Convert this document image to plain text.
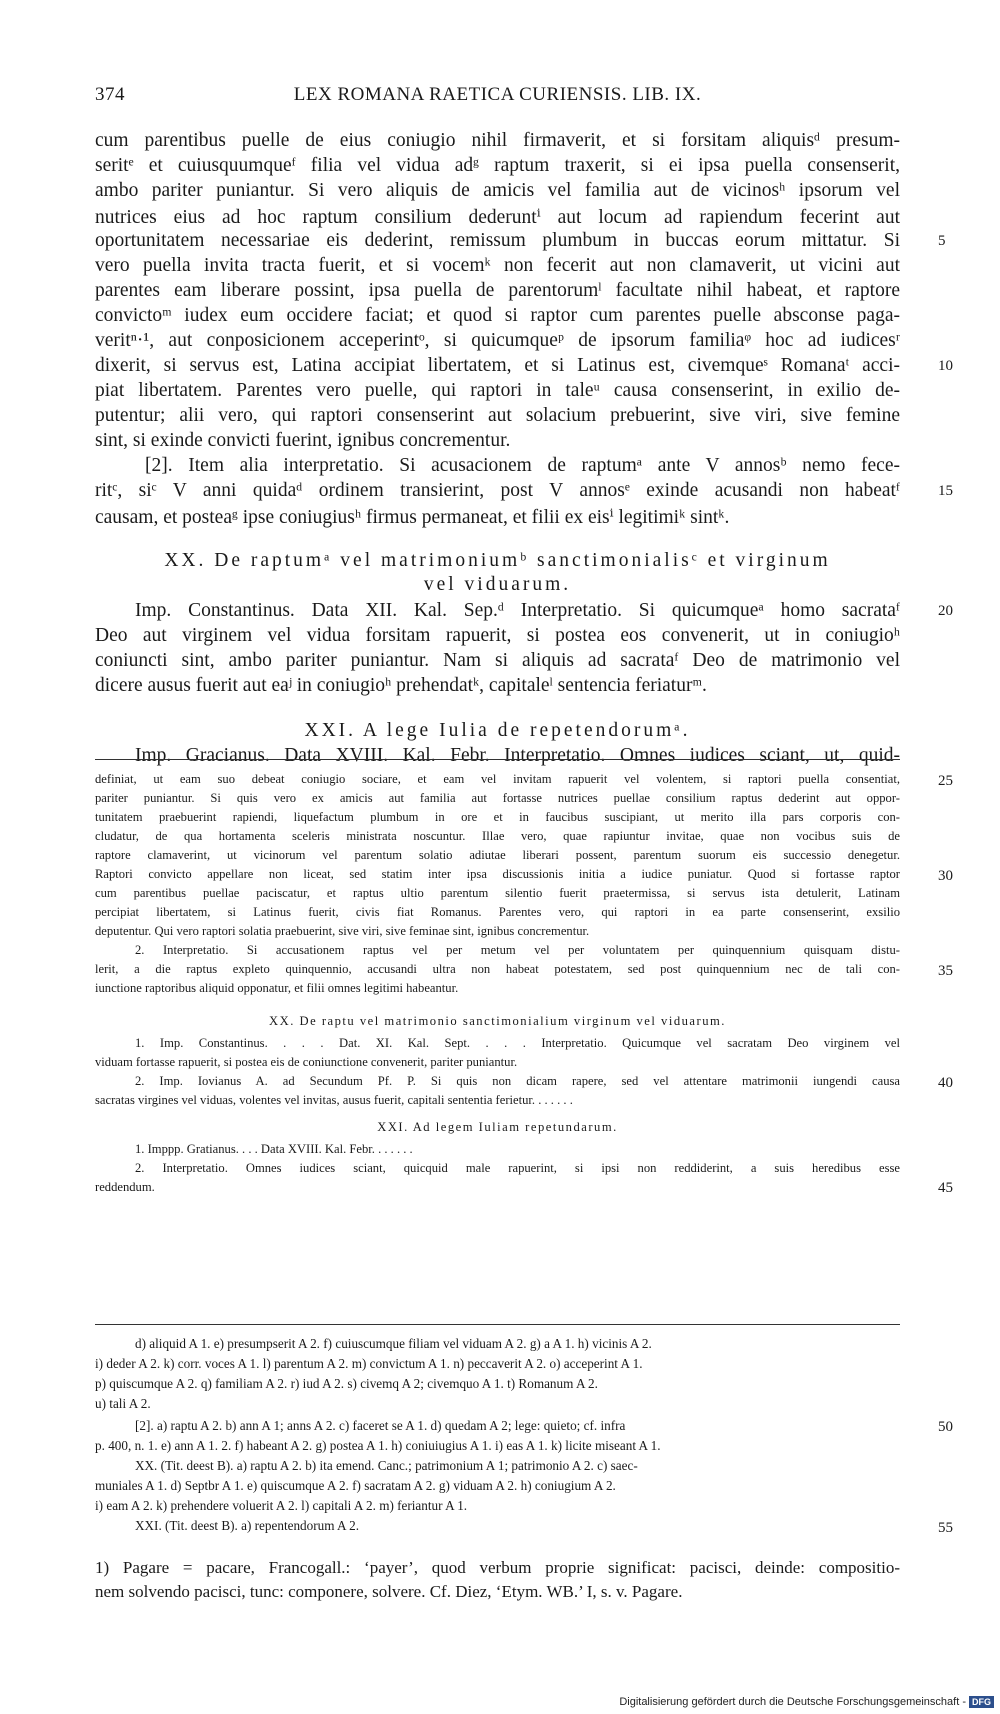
374	LEX ROMANA RAETICA CURIENSIS. LIB. IX.
cum parentibus puelle de eius coniugio nihil firmaverit, et si forsitam aliquisᵈ presum-
seritᵉ et cuiusquumqueᶠ filia vel vidua adᵍ raptum traxerit, si ei ipsa puella consenserit,
ambo pariter puniantur. Si vero aliquis de amicis vel familia aut de vicinosʰ ipsorum vel
nutrices eius ad hoc raptum consilium dederuntⁱ aut locum ad rapiendum fecerint aut
oportunitatem necessariae eis dederint, remissum plumbum in buccas eorum mittatur. Si
vero puella invita tracta fuerit, et si vocemᵏ non fecerit aut non clamaverit, ut vicini aut
parentes eam liberare possint, ipsa puella de parentorumˡ facultate nihil habeat, et raptore
convictoᵐ iudex eum occidere faciat; et quod si raptor cum parentes puelle absconse paga-
veritⁿ·¹, aut conposicionem acceperintᵒ, si quicumqueᵖ de ipsorum familiaᵠ hoc ad iudicesʳ
dixerit, si servus est, Latina accipiat libertatem, et si Latinus est, civemqueˢ Romanaᵗ acci-
piat libertatem. Parentes vero puelle, qui raptori in taleᵘ causa consenserint, in exilio de-
putentur; alii vero, qui raptori consenserint aut solacium prebuerint, sive viri, sive femine
sint, si exinde convicti fuerint, ignibus concrementur.
[2]. Item alia interpretatio. Si acusacionem de raptumᵃ ante V annosᵇ nemo fece-
ritᶜ, siᶜ V anni quidaᵈ ordinem transierint, post V annosᵉ exinde acusandi non habeatᶠ
causam, et posteaᵍ ipse coniugiusʰ firmus permaneat, et filii ex eisⁱ legitimiᵏ sintᵏ.
XX. De raptumᵃ vel matrimoniumᵇ sanctimonialisᶜ et virginum
vel viduarum.
Imp. Constantinus. Data XII. Kal. Sep.ᵈ Interpretatio. Si quicumqueᵃ homo sacrataᶠ
Deo aut virginem vel vidua forsitam rapuerit, si postea eos convenerit, ut in coniugioʰ
coniuncti sint, ambo pariter puniantur. Nam si aliquis ad sacrataᶠ Deo de matrimonio vel
dicere ausus fuerit aut eaʲ in coniugioʰ prehendatᵏ, capitaleˡ sentencia feriaturᵐ.
XXI. A lege Iulia de repetendorumᵃ.
Imp. Gracianus. Data XVIII. Kal. Febr. Interpretatio. Omnes iudices sciant, ut, quid-
definiat, ut eam suo debeat coniugio sociare, et eam vel invitam rapuerit vel volentem, si raptori puella consentiat,
pariter puniantur. Si quis vero ex amicis aut familia aut fortasse nutrices puellae consilium raptus dederint aut oppor-
tunitatem praebuerint rapiendi, liquefactum plumbum in ore et in faucibus suscipiant, ut merito illa pars corporis con-
cludatur, de qua hortamenta sceleris ministrata noscuntur. Illae vero, quae rapiuntur invitae, quae non vocibus suis de
raptore clamaverint, ut vicinorum vel parentum solatio adiutae liberari possent, parentum suorum eis successio denegetur.
Raptori convicto appellare non liceat, sed statim inter ipsa discussionis initia a iudice puniatur. Quod si fortasse raptor
cum parentibus puellae paciscatur, et raptus ultio parentum silentio fuerit praetermissa, si servus ista detulerit, Latinam
percipiat libertatem, si Latinus fuerit, civis fiat Romanus. Parentes vero, qui raptori in ea parte consenserint, exsilio
deputentur. Qui vero raptori solatia praebuerint, sive viri, sive feminae sint, ignibus concrementur.
2. Interpretatio. Si accusationem raptus vel per metum vel per voluntatem per quinquennium quisquam distu-
lerit, a die raptus expleto quinquennio, accusandi ultra non habeat potestatem, sed post quinquennium nec de tali con-
iunctione raptoribus aliquid opponatur, et filii omnes legitimi habeantur.
XX. De raptu vel matrimonio sanctimonialium virginum vel viduarum.
1. Imp. Constantinus. . . . Dat. XI. Kal. Sept. . . . Interpretatio. Quicumque vel sacratam Deo virginem vel
viduam fortasse rapuerit, si postea eis de coniunctione convenerit, pariter puniantur.
2. Imp. Iovianus A. ad Secundum Pf. P. Si quis non dicam rapere, sed vel attentare matrimonii iungendi causa
sacratas virgines vel viduas, volentes vel invitas, ausus fuerit, capitali sententia ferietur. . . . . . .
XXI. Ad legem Iuliam repetundarum.
1. Imppp. Gratianus. . . . Data XVIII. Kal. Febr. . . . . . .
2. Interpretatio. Omnes iudices sciant, quicquid male rapuerint, si ipsi non reddiderint, a suis heredibus esse
reddendum.
d) aliquid A 1. e) presumpserit A 2. f) cuiuscumque filiam vel viduam A 2. g) a A 1. h) vicinis A 2.
i) deder A 2. k) corr. voces A 1. l) parentum A 2. m) convictum A 1. n) peccaverit A 2. o) acceperint A 1.
p) quiscumque A 2. q) familiam A 2. r) iud A 2. s) civemq A 2; civemquo A 1. t) Romanum A 2.
u) tali A 2.
[2]. a) raptu A 2. b) ann A 1; anns A 2. c) faceret se A 1. d) quedam A 2; lege: quieto; cf. infra
p. 400, n. 1. e) ann A 1. 2. f) habeant A 2. g) postea A 1. h) coniuiugius A 1. i) eas A 1. k) licite miseant A 1.
XX. (Tit. deest B). a) raptu A 2. b) ita emend. Canc.; patrimonium A 1; patrimonio A 2. c) saec-
muniales A 1. d) Septbr A 1. e) quiscumque A 2. f) sacratam A 2. g) viduam A 2. h) coniugium A 2.
i) eam A 2. k) prehendere voluerit A 2. l) capitali A 2. m) feriantur A 1.
XXI. (Tit. deest B). a) repentendorum A 2.
1) Pagare = pacare, Francogall.: ‘payer’, quod verbum proprie significat: pacisci, deinde: compositio-
nem solvendo pacisci, tunc: componere, solvere. Cf. Diez, ‘Etym. WB.’ I, s. v. Pagare.
5
10
15
20
25
30
35
40
45
50
55
Digitalisierung gefördert durch die Deutsche Forschungsgemeinschaft - DFG
